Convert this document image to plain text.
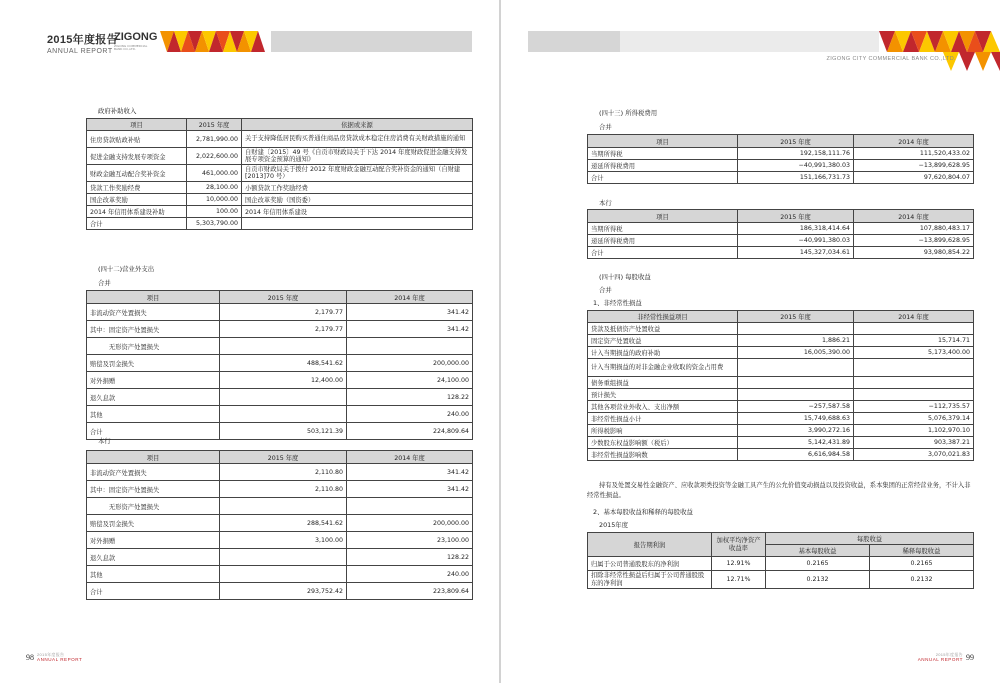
2015年度报告
ANNUAL REPORT
ZIGONG
ZIGONG COMMERCIAL BANK CO.,LTD.
政府补助收入
项目	2015 年度	依据或来源
住房贷款贴政补贴	2,781,990.00	关于支持降低居民购买普通住商品房贷款成本稳定住房消费有关财政措施的通知
促进金融支持发展专项资金	2,022,600.00	自财建〔2015〕49 号《自贡市财政局关于下达 2014 年度财政促进金融支持发展专项资金预算的通知》
财政金融互动配合奖补资金	461,000.00	自贡市财政局关于拨付 2012 年度财政金融互动配合奖补资金的通知（自财建[2013]70 号）
贷款工作奖励经费	28,100.00	小额贷款工作奖励经费
国企改革奖励	10,000.00	国企改革奖励（国资委）
2014 年信用体系建设补助	100.00	2014 年信用体系建设
合计	5,303,790.00	
(四十二)营业外支出
合并
项目	2015 年度	2014 年度
非流动资产处置损失	2,179.77	341.42
其中：固定资产处置损失	2,179.77	341.42
　　　无形资产处置损失		
赔偿及罚金损失	488,541.62	200,000.00
对外捐赠	12,400.00	24,100.00
退久息款		128.22
其他		240.00
合计	503,121.39	224,809.64
本行
项目	2015 年度	2014 年度
非流动资产处置损失	2,110.80	341.42
其中：固定资产处置损失	2,110.80	341.42
　　　无形资产处置损失		
赔偿及罚金损失	288,541.62	200,000.00
对外捐赠	3,100.00	23,100.00
退久息款		128.22
其他		240.00
合计	293,752.42	223,809.64
98 2015年度报告
ANNUAL REPORT
ZIGONG CITY COMMERCIAL BANK CO.,LTD.
(四十三) 所得税费用
合并
项目	2015 年度	2014 年度
当期所得税	192,158,111.76	111,520,433.02
递延所得税费用	−40,991,380.03	−13,899,628.95
合计	151,166,731.73	97,620,804.07
本行
项目	2015 年度	2014 年度
当期所得税	186,318,414.64	107,880,483.17
递延所得税费用	−40,991,380.03	−13,899,628.95
合计	145,327,034.61	93,980,854.22
(四十四) 每股收益
合并
1、非经常性损益
非经常性损益项目	2015 年度	2014 年度
贷款及抵债资产处置收益		
固定资产处置收益	1,886.21	15,714.71
计入当期损益的政府补助	16,005,390.00	5,173,400.00
计入当期损益的对非金融企业收取的资金占用费		
债务重组损益		
预计损失		
其他各项营业外收入、支出净额	−257,587.58	−112,735.57
非经常性损益小计	15,749,688.63	5,076,379.14
所得税影响	3,990,272.16	1,102,970.10
少数股东权益影响额（税后）	5,142,431.89	903,387.21
非经常性损益影响数	6,616,984.58	3,070,021.83
持有及处置交易性金融资产、应收款项类投资等金融工具产生的公允价值变动损益以及投资收益，系本集团的正常经营业务，不计入非经常性损益。
2、基本每股收益和稀释的每股收益
2015年度
报告期利润	加权平均净资产收益率	每股收益	
		基本每股收益	稀释每股收益
归属于公司普通股股东的净利润	12.91%	0.2165	0.2165
扣除非经常性损益后归属于公司普通股股东的净利润	12.71%	0.2132	0.2132
2015年度报告
ANNUAL REPORT 99
